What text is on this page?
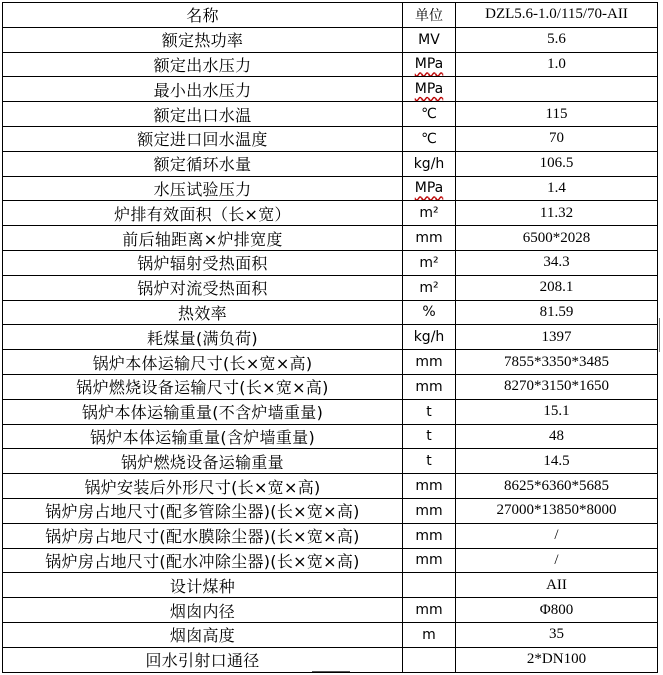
名称	单位	DZL5.6-1.0/115/70-AII
额定热功率	MV	5.6
额定出水压力	MPa	1.0
最小出水压力	MPa	
额定出口水温	℃	115
额定进口回水温度	℃	70
额定循环水量	kg/h	106.5
水压试验压力	MPa	1.4
炉排有效面积（长×宽）	m²	11.32
前后轴距离×炉排宽度	mm	6500*2028
锅炉辐射受热面积	m²	34.3
锅炉对流受热面积	m²	208.1
热效率	%	81.59
耗煤量(满负荷)	kg/h	1397
锅炉本体运输尺寸(长×宽×高)	mm	7855*3350*3485
锅炉燃烧设备运输尺寸(长×宽×高)	mm	8270*3150*1650
锅炉本体运输重量(不含炉墙重量)	t	15.1
锅炉本体运输重量(含炉墙重量)	t	48
锅炉燃烧设备运输重量	t	14.5
锅炉安装后外形尺寸(长×宽×高)	mm	8625*6360*5685
锅炉房占地尺寸(配多管除尘器)(长×宽×高)	mm	27000*13850*8000
锅炉房占地尺寸(配水膜除尘器)(长×宽×高)	mm	/
锅炉房占地尺寸(配水冲除尘器)(长×宽×高)	mm	/
设计煤种		AII
烟囱内径	mm	Φ800
烟囱高度	m	35
回水引射口通径		2*DN100
